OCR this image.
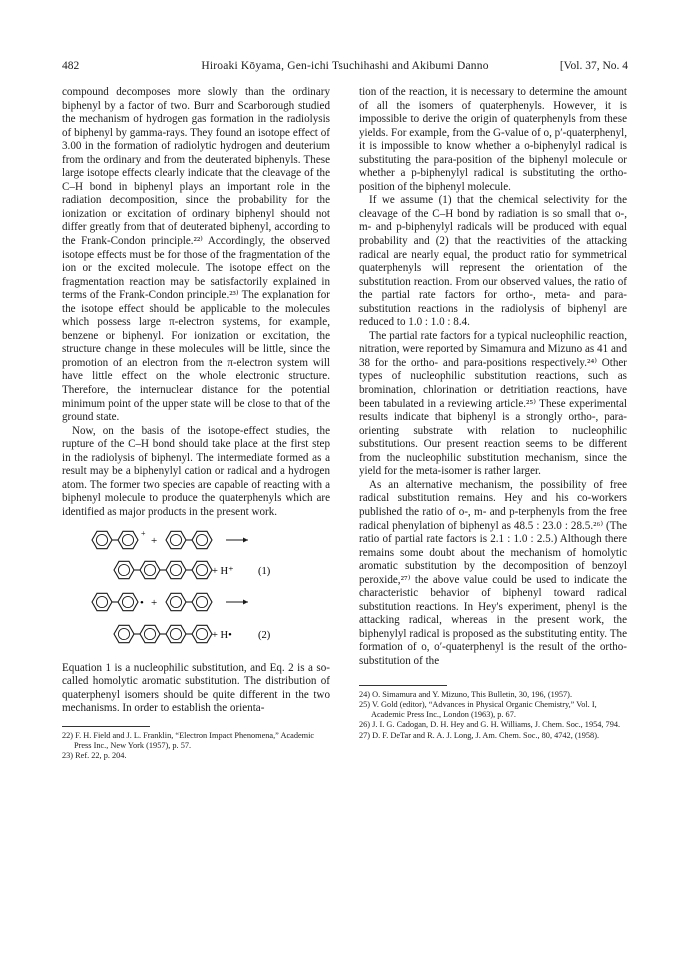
482	Hiroaki Kōyama, Gen-ichi Tsuchihashi and Akibumi Danno	[Vol. 37, No. 4

compound decomposes more slowly than the ordinary biphenyl by a factor of two. Burr and Scarborough studied the mechanism of hydrogen gas formation in the radiolysis of biphenyl by gamma-rays. They found an isotope effect of 3.00 in the formation of radiolytic hydrogen and deuterium from the ordinary and from the deuterated biphenyls. These large isotope effects clearly indicate that the cleavage of the C–H bond in biphenyl plays an important role in the radiation decomposition, since the probability for the ionization or excitation of ordinary biphenyl should not differ greatly from that of deuterated biphenyl, according to the Frank-Condon principle.²²⁾ Accordingly, the observed isotope effects must be for those of the fragmentation of the ion or the excited molecule. The isotope effect on the fragmentation reaction may be satisfactorily explained in terms of the Frank-Condon principle.²³⁾ The explanation for the isotope effect should be applicable to the molecules which possess large π-electron systems, for example, benzene or biphenyl. For ionization or excitation, the structure change in these molecules will be little, since the promotion of an electron from the π-electron system will have little effect on the whole electronic structure. Therefore, the internuclear distance for the potential minimum point of the upper state will be close to that of the ground state.

Now, on the basis of the isotope-effect studies, the rupture of the C–H bond should take place at the first step in the radiolysis of biphenyl. The intermediate formed as a result may be a biphenylyl cation or radical and a hydrogen atom. The former two species are capable of reacting with a biphenyl molecule to produce the quaterphenyls which are identified as major products in the present work.

+
+
+ H⁺ (1)
• +
+ H• (2)

Equation 1 is a nucleophilic substitution, and Eq. 2 is a so-called homolytic aromatic substitution. The distribution of quaterphenyl isomers should be quite different in the two mechanisms. In order to establish the orienta-

22) F. H. Field and J. L. Franklin, “Electron Impact Phenomena,” Academic Press Inc., New York (1957), p. 57.

23) Ref. 22, p. 204.

tion of the reaction, it is necessary to determine the amount of all the isomers of quaterphenyls. However, it is impossible to derive the origin of quaterphenyls from these yields. For example, from the G-value of o, p′-quaterphenyl, it is impossible to know whether a o-biphenylyl radical is substituting the para-position of the biphenyl molecule or whether a p-biphenylyl radical is substituting the ortho-position of the biphenyl molecule.

If we assume (1) that the chemical selectivity for the cleavage of the C–H bond by radiation is so small that o-, m- and p-biphenylyl radicals will be produced with equal probability and (2) that the reactivities of the attacking radical are nearly equal, the product ratio for symmetrical quaterphenyls will represent the orientation of the substitution reaction. From our observed values, the ratio of the partial rate factors for ortho-, meta- and para-substitution reactions in the radiolysis of biphenyl are reduced to 1.0 : 1.0 : 8.4.

The partial rate factors for a typical nucleophilic reaction, nitration, were reported by Simamura and Mizuno as 41 and 38 for the ortho- and para-positions respectively.²⁴⁾ Other types of nucleophilic substitution reactions, such as bromination, chlorination or detritiation reactions, have been tabulated in a reviewing article.²⁵⁾ These experimental results indicate that biphenyl is a strongly ortho-, para-orienting substrate with relation to nucleophilic substitutions. Our present reaction seems to be different from the nucleophilic substitution mechanism, since the yield for the meta-isomer is rather larger.

As an alternative mechanism, the possibility of free radical substitution remains. Hey and his co-workers published the ratio of o-, m- and p-terphenyls from the free radical phenylation of biphenyl as 48.5 : 23.0 : 28.5.²⁶⁾ (The ratio of partial rate factors is 2.1 : 1.0 : 2.5.) Although there remains some doubt about the mechanism of homolytic aromatic substitution by the decomposition of benzoyl peroxide,²⁷⁾ the above value could be used to indicate the characteristic behavior of biphenyl toward radical substitution reactions. In Hey's experiment, phenyl is the attacking radical, whereas in the present work, the biphenylyl radical is proposed as the substituting entity. The formation of o, o′-quaterphenyl is the result of the ortho-substitution of the

24) O. Simamura and Y. Mizuno, This Bulletin, 30, 196, (1957).

25) V. Gold (editor), “Advances in Physical Organic Chemistry,” Vol. I, Academic Press Inc., London (1963), p. 67.

26) J. I. G. Cadogan, D. H. Hey and G. H. Williams, J. Chem. Soc., 1954, 794.

27) D. F. DeTar and R. A. J. Long, J. Am. Chem. Soc., 80, 4742, (1958).
